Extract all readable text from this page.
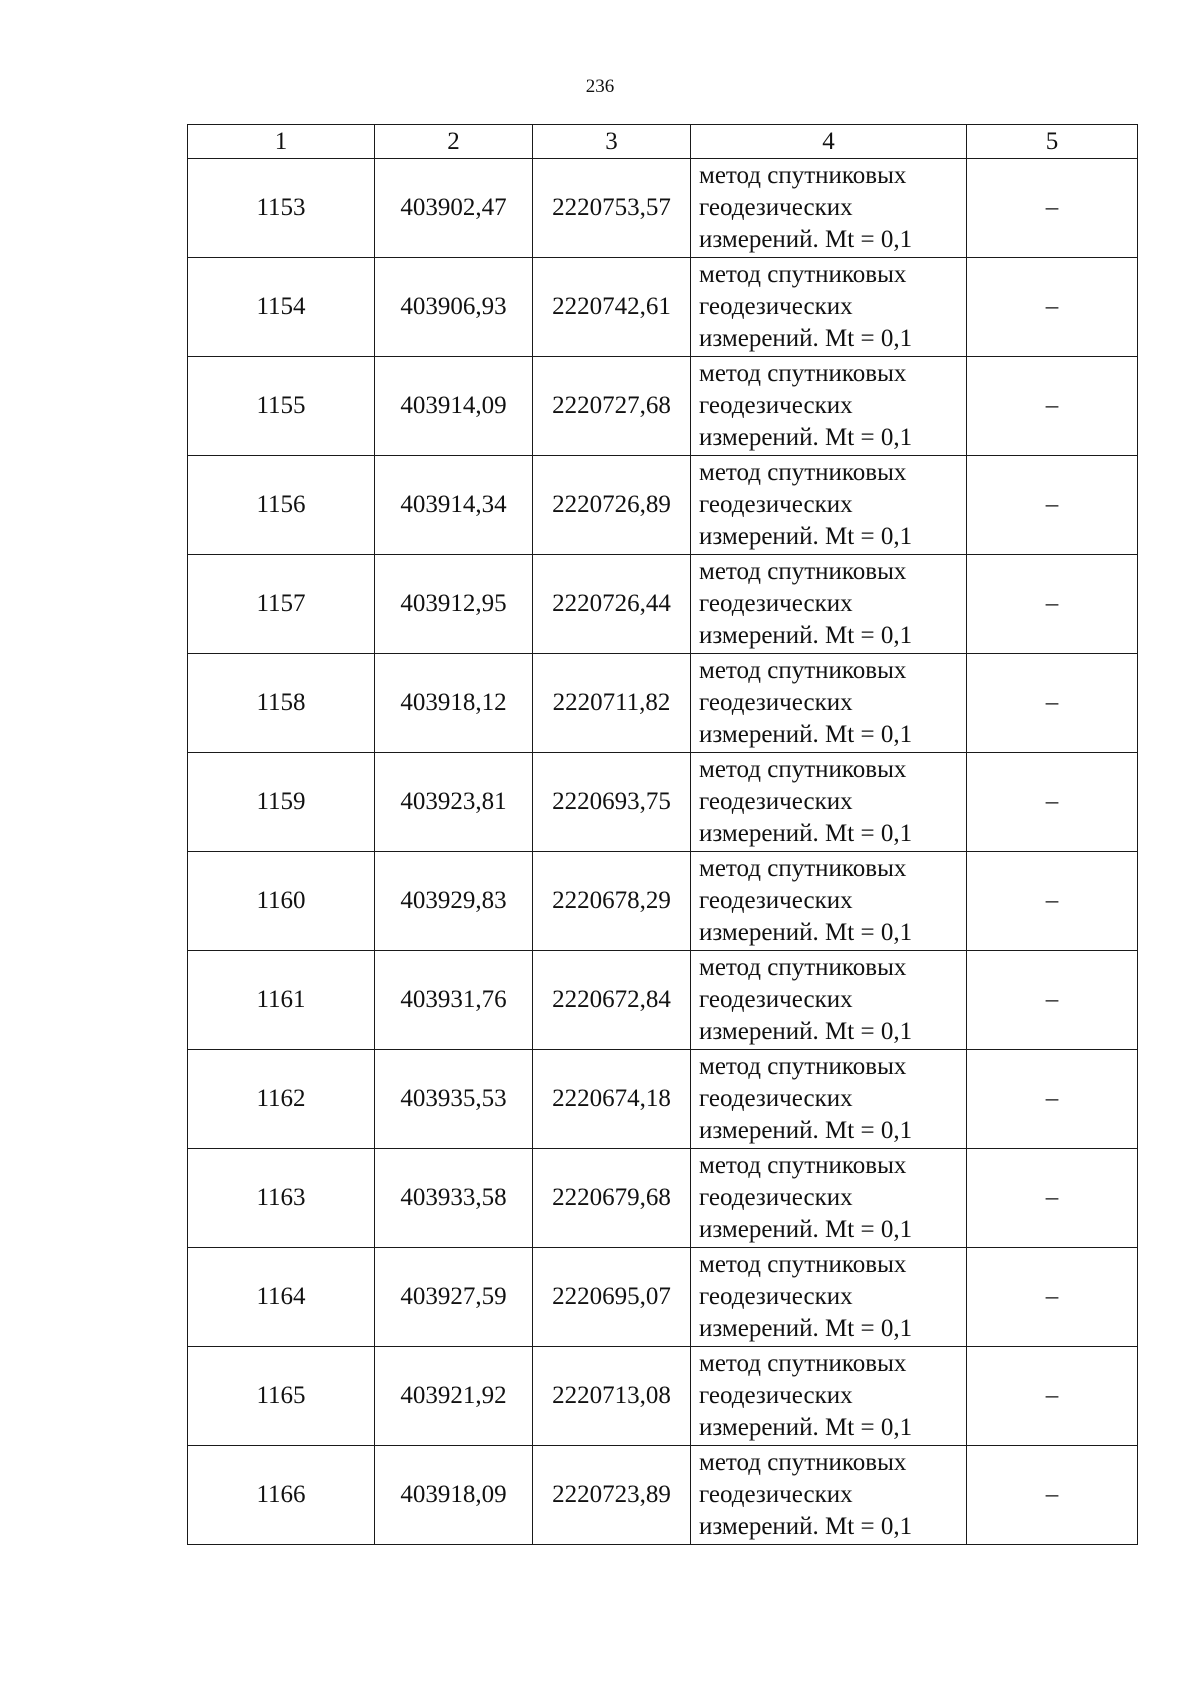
236
1	2	3	4	5
1153	403902,47	2220753,57	метод спутниковых
геодезических
измерений. Mt = 0,1	–
1154	403906,93	2220742,61	метод спутниковых
геодезических
измерений. Mt = 0,1	–
1155	403914,09	2220727,68	метод спутниковых
геодезических
измерений. Mt = 0,1	–
1156	403914,34	2220726,89	метод спутниковых
геодезических
измерений. Mt = 0,1	–
1157	403912,95	2220726,44	метод спутниковых
геодезических
измерений. Mt = 0,1	–
1158	403918,12	2220711,82	метод спутниковых
геодезических
измерений. Mt = 0,1	–
1159	403923,81	2220693,75	метод спутниковых
геодезических
измерений. Mt = 0,1	–
1160	403929,83	2220678,29	метод спутниковых
геодезических
измерений. Mt = 0,1	–
1161	403931,76	2220672,84	метод спутниковых
геодезических
измерений. Mt = 0,1	–
1162	403935,53	2220674,18	метод спутниковых
геодезических
измерений. Mt = 0,1	–
1163	403933,58	2220679,68	метод спутниковых
геодезических
измерений. Mt = 0,1	–
1164	403927,59	2220695,07	метод спутниковых
геодезических
измерений. Mt = 0,1	–
1165	403921,92	2220713,08	метод спутниковых
геодезических
измерений. Mt = 0,1	–
1166	403918,09	2220723,89	метод спутниковых
геодезических
измерений. Mt = 0,1	–
